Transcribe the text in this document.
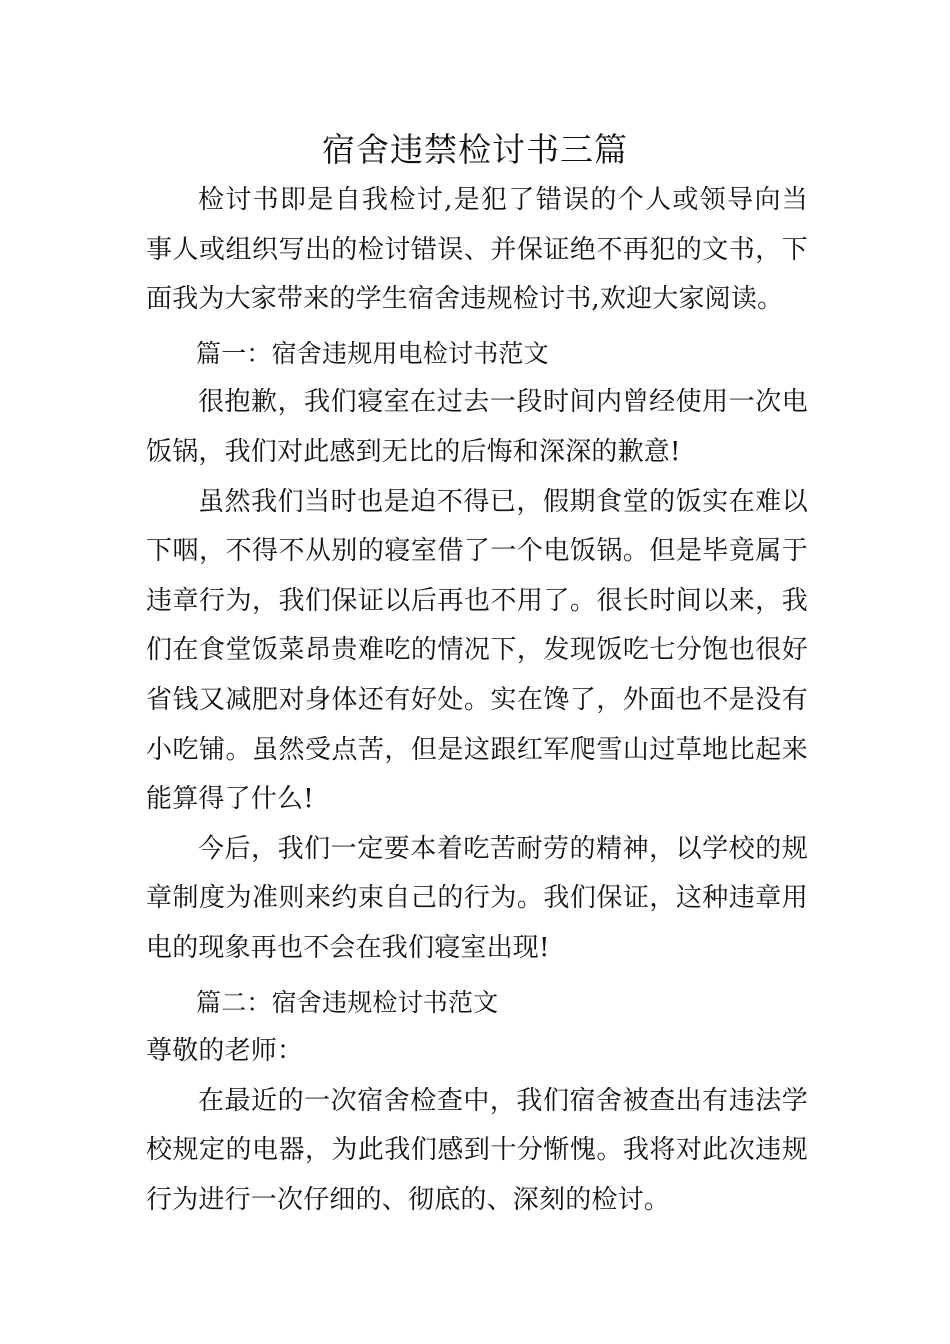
宿舍违禁检讨书三篇

检讨书即是自我检讨,是犯了错误的个人或领导向当事人或组织写出的检讨错误、并保证绝不再犯的文书，下面我为大家带来的学生宿舍违规检讨书,欢迎大家阅读。

篇一：宿舍违规用电检讨书范文

很抱歉，我们寝室在过去一段时间内曾经使用一次电饭锅，我们对此感到无比的后悔和深深的歉意!

虽然我们当时也是迫不得已，假期食堂的饭实在难以下咽，不得不从别的寝室借了一个电饭锅。但是毕竟属于违章行为，我们保证以后再也不用了。很长时间以来，我们在食堂饭菜昂贵难吃的情况下，发现饭吃七分饱也很好省钱又减肥对身体还有好处。实在馋了，外面也不是没有小吃铺。虽然受点苦，但是这跟红军爬雪山过草地比起来能算得了什么!

今后，我们一定要本着吃苦耐劳的精神，以学校的规章制度为准则来约束自己的行为。我们保证，这种违章用电的现象再也不会在我们寝室出现!

篇二：宿舍违规检讨书范文

尊敬的老师：

在最近的一次宿舍检查中，我们宿舍被查出有违法学校规定的电器，为此我们感到十分惭愧。我将对此次违规行为进行一次仔细的、彻底的、深刻的检讨。
